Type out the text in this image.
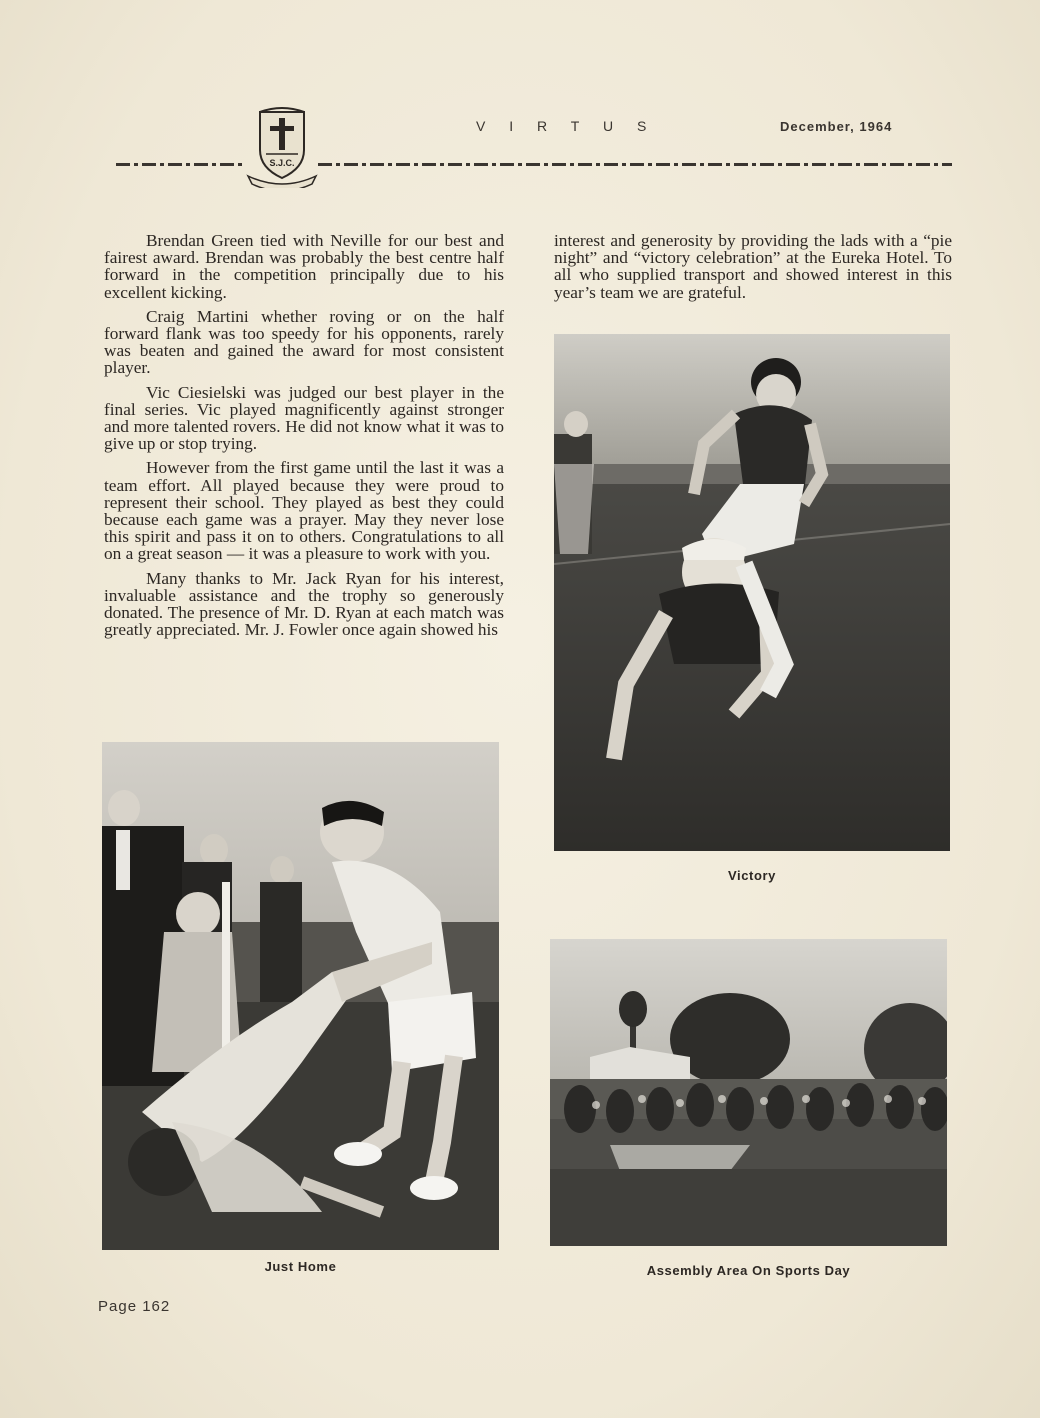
S.J.C.
V I R T U S	December, 1964

Brendan Green tied with Neville for our best and fairest award. Brendan was probably the best centre half forward in the competition principally due to his excellent kicking.

Craig Martini whether roving or on the half forward flank was too speedy for his opponents, rarely was beaten and gained the award for most consistent player.

Vic Ciesielski was judged our best player in the final series. Vic played magnificently against stronger and more talented rovers. He did not know what it was to give up or stop trying.

However from the first game until the last it was a team effort. All played because they were proud to represent their school. They played as best they could because each game was a prayer. May they never lose this spirit and pass it on to others. Congratulations to all on a great season — it was a pleasure to work with you.

Many thanks to Mr. Jack Ryan for his interest, invaluable assistance and the trophy so generously donated. The presence of Mr. D. Ryan at each match was greatly appreciated. Mr. J. Fowler once again showed his

interest and generosity by providing the lads with a “pie night” and “victory celebration” at the Eureka Hotel. To all who supplied transport and showed interest in this year’s team we are grateful.

Victory
Just Home	Assembly Area On Sports Day
Page 162
